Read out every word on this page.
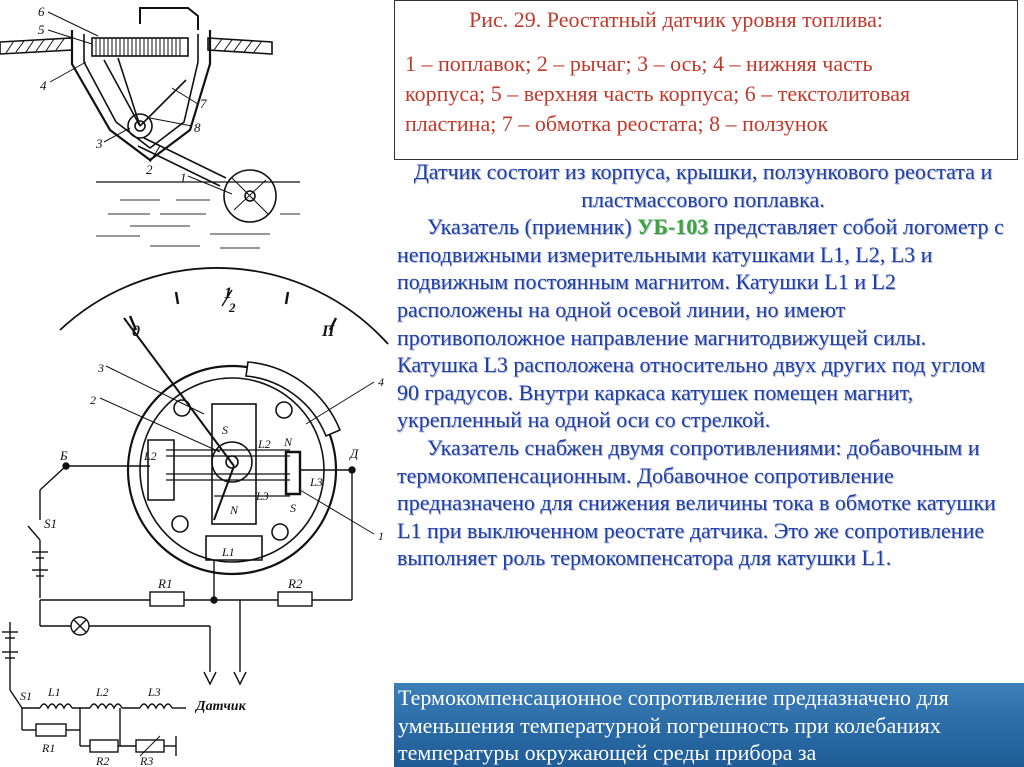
6
5
4
3
2
1
7
8
0
1
2
П
3
2
4
1
L2
L2
L3
L3
L1
S
S
N
N
Б	Д
S1
R1	R2
S1 L1	L2	L3
R1
R2	R3
Датчик
Рис. 29. Реостатный датчик уровня топлива:
1 – поплавок; 2 – рычаг; 3 – ось; 4 – нижняя часть
корпуса; 5 – верхняя часть корпуса; 6 – текстолитовая
пластина; 7 – обмотка реостата; 8 – ползунок

Датчик состоит из корпуса, крышки, ползункового реостата и пластмассового поплавка.

Указатель (приемник) УБ-103 представляет собой логометр с неподвижными измерительными катушками L1, L2, L3 и подвижным постоянным магнитом. Катушки L1 и L2 расположены на одной осевой линии, но имеют противоположное направление магнитодвижущей силы. Катушка L3 расположена относительно двух других под углом 90 градусов. Внутри каркаса катушек помещен магнит, укрепленный на одной оси со стрелкой.

Указатель снабжен двумя сопротивлениями: добавочным и термокомпенсационным. Добавочное сопротивление предназначено для снижения величины тока в обмотке катушки L1 при выключенном реостате датчика. Это же сопротивление выполняет роль термокомпенсатора для катушки L1.

Термокомпенсационное сопротивление предназначено для уменьшения температурной погрешность при колебаниях температуры окружающей среды прибора за
